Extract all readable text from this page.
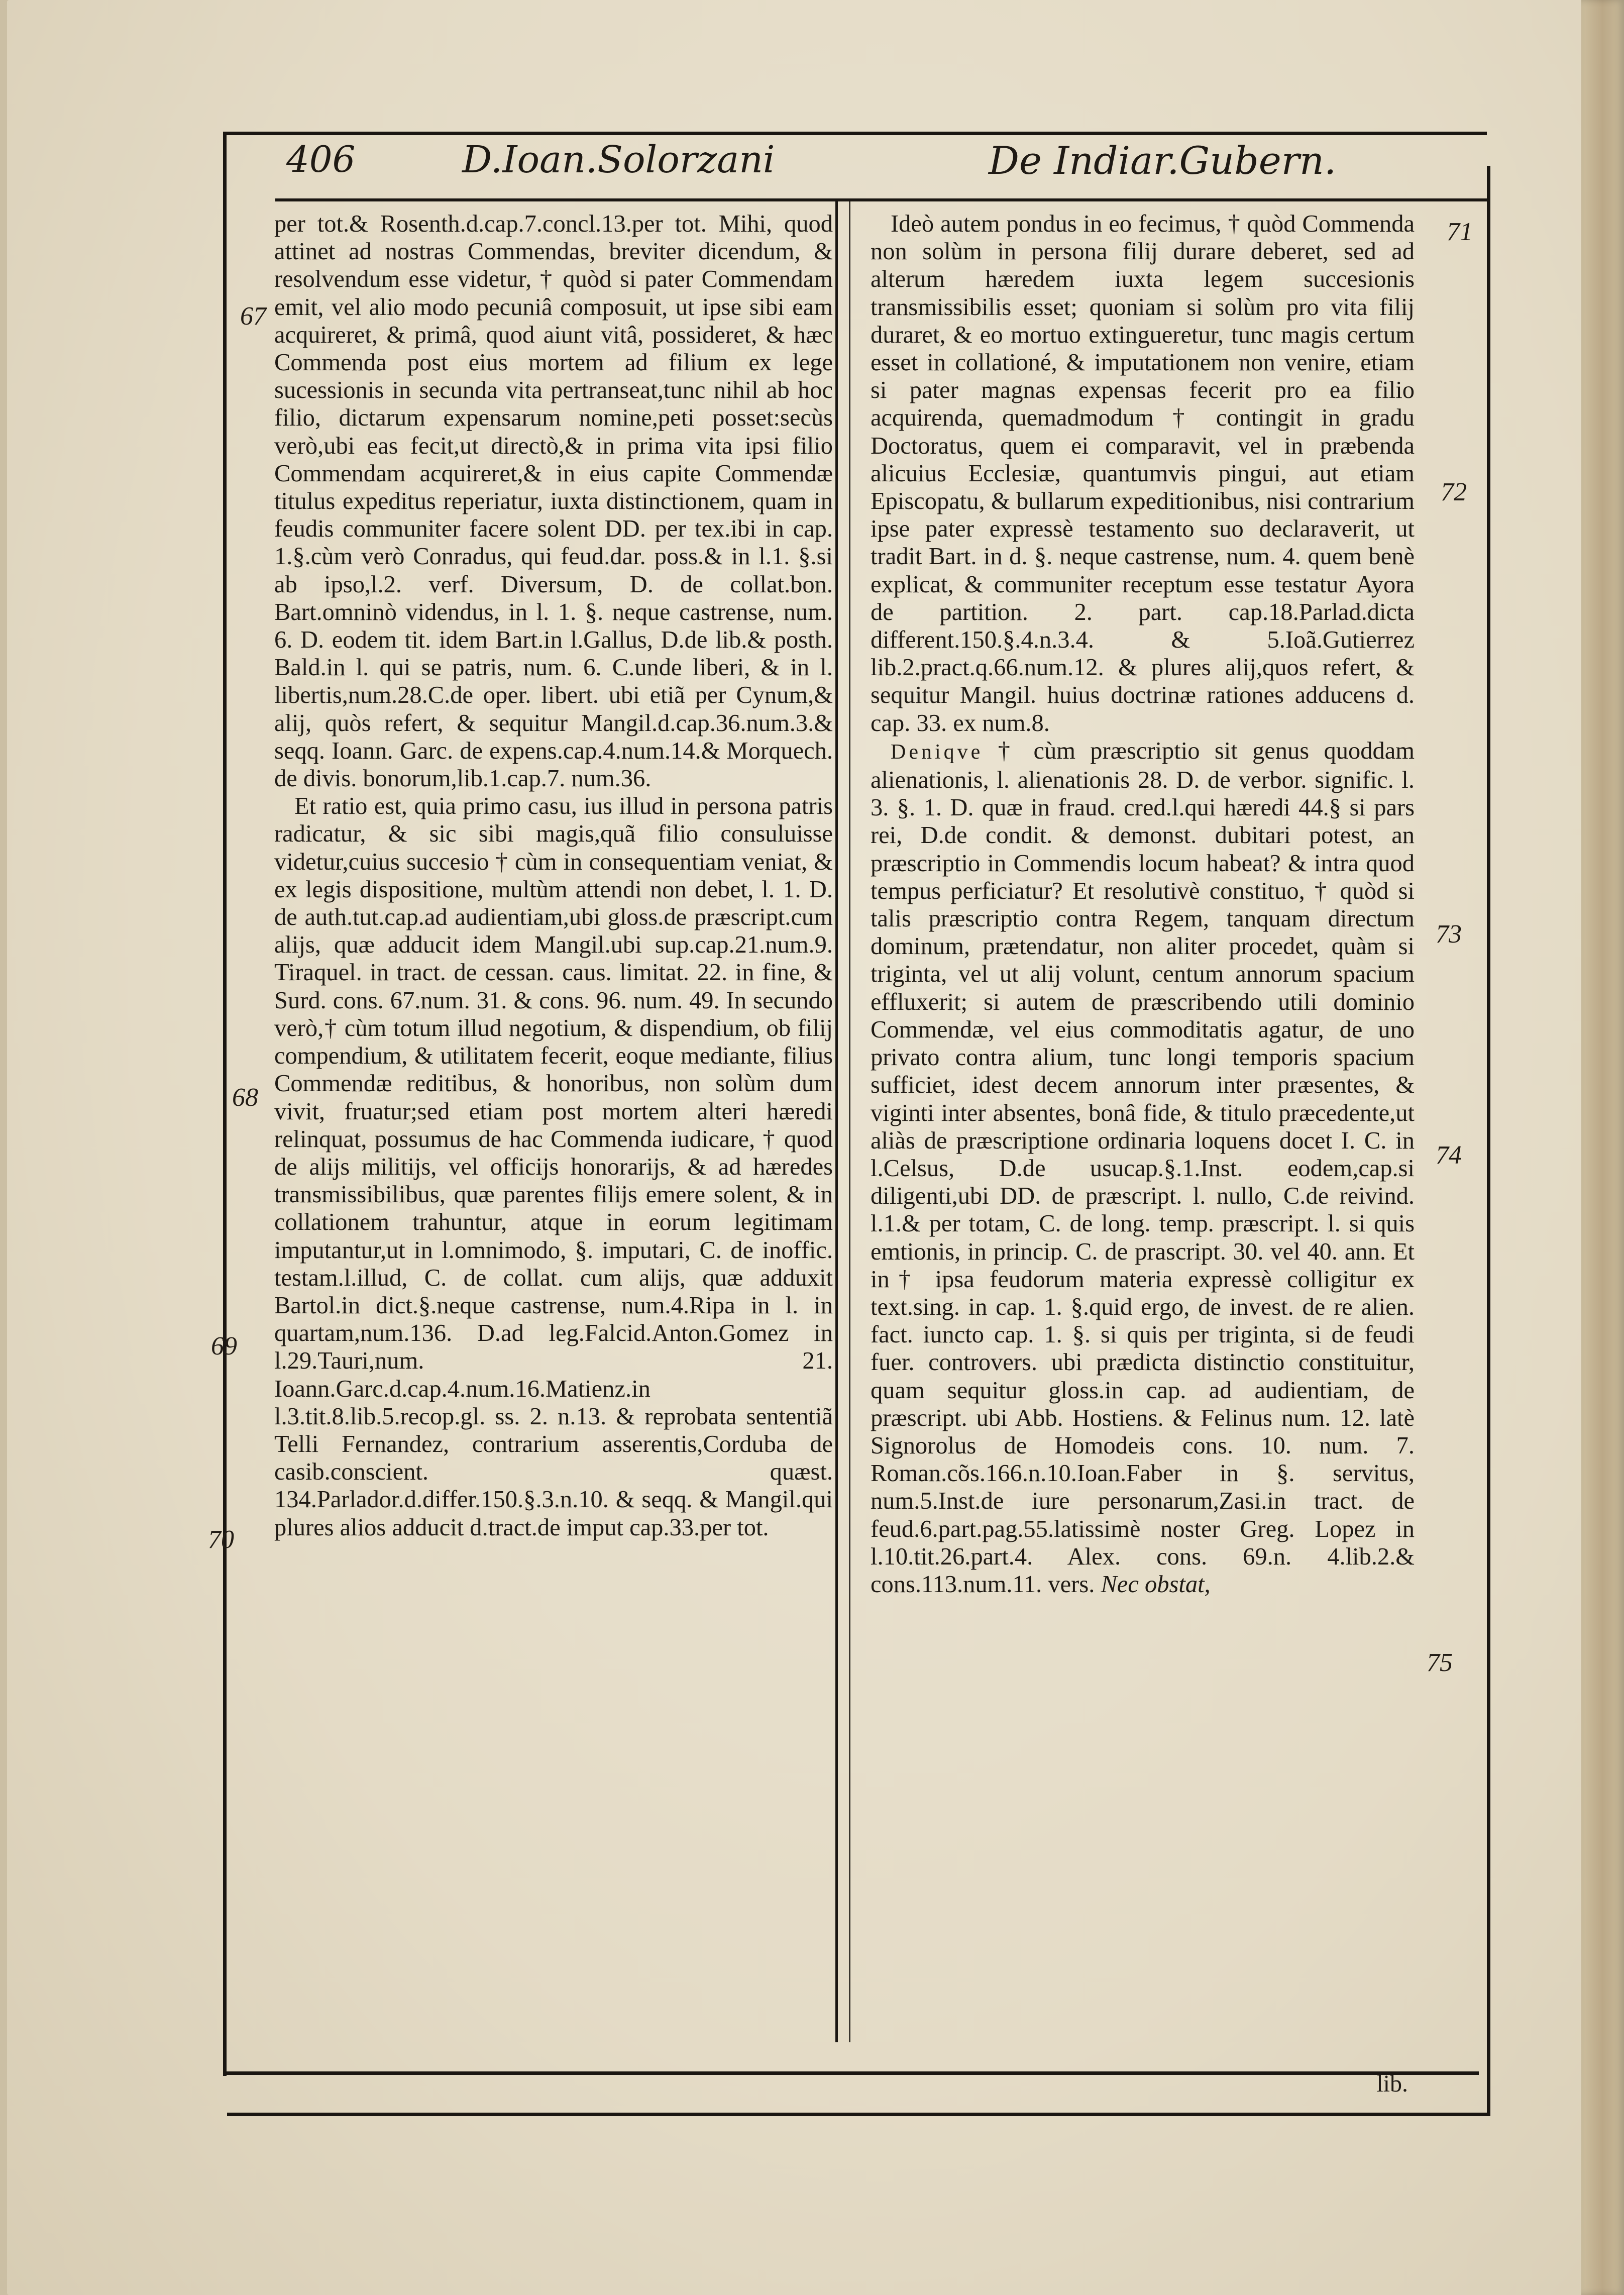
406	D.Ioan.Solorzani	De Indiar.Gubern.

per tot.& Rosenth.d.cap.7.concl.13.per tot. Mihi, quod attinet ad nostras Commendas, breviter dicendum, & resolvendum esse videtur, † quòd si pater Commendam emit, vel alio modo pecuniâ composuit, ut ipse sibi eam acquireret, & primâ, quod aiunt vitâ, possideret, & hæc Commenda post eius mortem ad filium ex lege sucessionis in secunda vita pertranseat,tunc nihil ab hoc filio, dictarum expensarum nomine,peti posset:secùs verò,ubi eas fecit,ut directò,& in prima vita ipsi filio Commendam acquireret,& in eius capite Commendæ titulus expeditus reperiatur, iuxta distinctionem, quam in feudis communiter facere solent DD. per tex.ibi in cap. 1.§.cùm verò Conradus, qui feud.dar. poss.& in l.1. §.si ab ipso,l.2. verf. Diversum, D. de collat.bon. Bart.omninò videndus, in l. 1. §. neque castrense, num. 6. D. eodem tit. idem Bart.in l.Gallus, D.de lib.& posth. Bald.in l. qui se patris, num. 6. C.unde liberi, & in l. libertis,num.28.C.de oper. libert. ubi etiã per Cynum,& alij, quòs refert, & sequitur Mangil.d.cap.36.num.3.& seqq. Ioann. Garc. de expens.cap.4.num.14.& Morquech. de divis. bonorum,lib.1.cap.7. num.36.

Et ratio est, quia primo casu, ius illud in persona patris radicatur, & sic sibi magis,quã filio consuluisse videtur,cuius succesio † cùm in consequentiam veniat, & ex legis dispositione, multùm attendi non debet, l. 1. D. de auth.tut.cap.ad audientiam,ubi gloss.de præscript.cum alijs, quæ adducit idem Mangil.ubi sup.cap.21.num.9. Tiraquel. in tract. de cessan. caus. limitat. 22. in fine, & Surd. cons. 67.num. 31. & cons. 96. num. 49. In secundo verò,† cùm totum illud negotium, & dispendium, ob filij compendium, & utilitatem fecerit, eoque mediante, filius Commendæ reditibus, & honoribus, non solùm dum vivit, fruatur;sed etiam post mortem alteri hæredi relinquat, possumus de hac Commenda iudicare, † quod de alijs militijs, vel officijs honorarijs, & ad hæredes transmissibilibus, quæ parentes filijs emere solent, & in collationem trahuntur, atque in eorum legitimam imputantur,ut in l.omnimodo, §. imputari, C. de inoffic. testam.l.illud, C. de collat. cum alijs, quæ adduxit Bartol.in dict.§.neque castrense, num.4.Ripa in l. in quartam,num.136. D.ad leg.Falcid.Anton.Gomez in l.29.Tauri,num. 21. Ioann.Garc.d.cap.4.num.16.Matienz.in l.3.tit.8.lib.5.recop.gl. ss. 2. n.13. & reprobata sententiã Telli Fernandez, contrarium asserentis,Corduba de casib.conscient. quæst. 134.Parlador.d.differ.150.§.3.n.10. & seqq. & Mangil.qui plures alios adducit d.tract.de imput cap.33.per tot.

Ideò autem pondus in eo fecimus, † quòd Commenda non solùm in persona filij durare deberet, sed ad alterum hæredem iuxta legem succesionis transmissibilis esset; quoniam si solùm pro vita filij duraret, & eo mortuo extingueretur, tunc magis certum esset in collationé, & imputationem non venire, etiam si pater magnas expensas fecerit pro ea filio acquirenda, quemadmodum † contingit in gradu Doctoratus, quem ei comparavit, vel in præbenda alicuius Ecclesiæ, quantumvis pingui, aut etiam Episcopatu, & bullarum expeditionibus, nisi contrarium ipse pater expressè testamento suo declaraverit, ut tradit Bart. in d. §. neque castrense, num. 4. quem benè explicat, & communiter receptum esse testatur Ayora de partition. 2. part. cap.18.Parlad.dicta different.150.§.4.n.3.4. & 5.Ioã.Gutierrez lib.2.pract.q.66.num.12. & plures alij,quos refert, & sequitur Mangil. huius doctrinæ rationes adducens d. cap. 33. ex num.8.

Deniqve † cùm præscriptio sit genus quoddam alienationis, l. alienationis 28. D. de verbor. signific. l. 3. §. 1. D. quæ in fraud. cred.l.qui hæredi 44.§ si pars rei, D.de condit. & demonst. dubitari potest, an præscriptio in Commendis locum habeat? & intra quod tempus perficiatur? Et resolutivè constituo, † quòd si talis præscriptio contra Regem, tanquam directum dominum, prætendatur, non aliter procedet, quàm si triginta, vel ut alij volunt, centum annorum spacium effluxerit; si autem de præscribendo utili dominio Commendæ, vel eius commoditatis agatur, de uno privato contra alium, tunc longi temporis spacium sufficiet, idest decem annorum inter præsentes, & viginti inter absentes, bonâ fide, & titulo præcedente,ut aliàs de præscriptione ordinaria loquens docet I. C. in l.Celsus, D.de usucap.§.1.Inst. eodem,cap.si diligenti,ubi DD. de præscript. l. nullo, C.de reivind. l.1.& per totam, C. de long. temp. præscript. l. si quis emtionis, in princip. C. de prascript. 30. vel 40. ann. Et in† ipsa feudorum materia expressè colligitur ex text.sing. in cap. 1. §.quid ergo, de invest. de re alien. fact. iuncto cap. 1. §. si quis per triginta, si de feudi fuer. controvers. ubi prædicta distinctio constituitur, quam sequitur gloss.in cap. ad audientiam, de præscript. ubi Abb. Hostiens. & Felinus num. 12. latè Signorolus de Homodeis cons. 10. num. 7. Roman.cõs.166.n.10.Ioan.Faber in §. servitus, num.5.Inst.de iure personarum,Zasi.in tract. de feud.6.part.pag.55.latissimè noster Greg. Lopez in l.10.tit.26.part.4. Alex. cons. 69.n. 4.lib.2.& cons.113.num.11. vers. Nec obstat,

67
68
69
70
71
72
73
74
75
lib.
